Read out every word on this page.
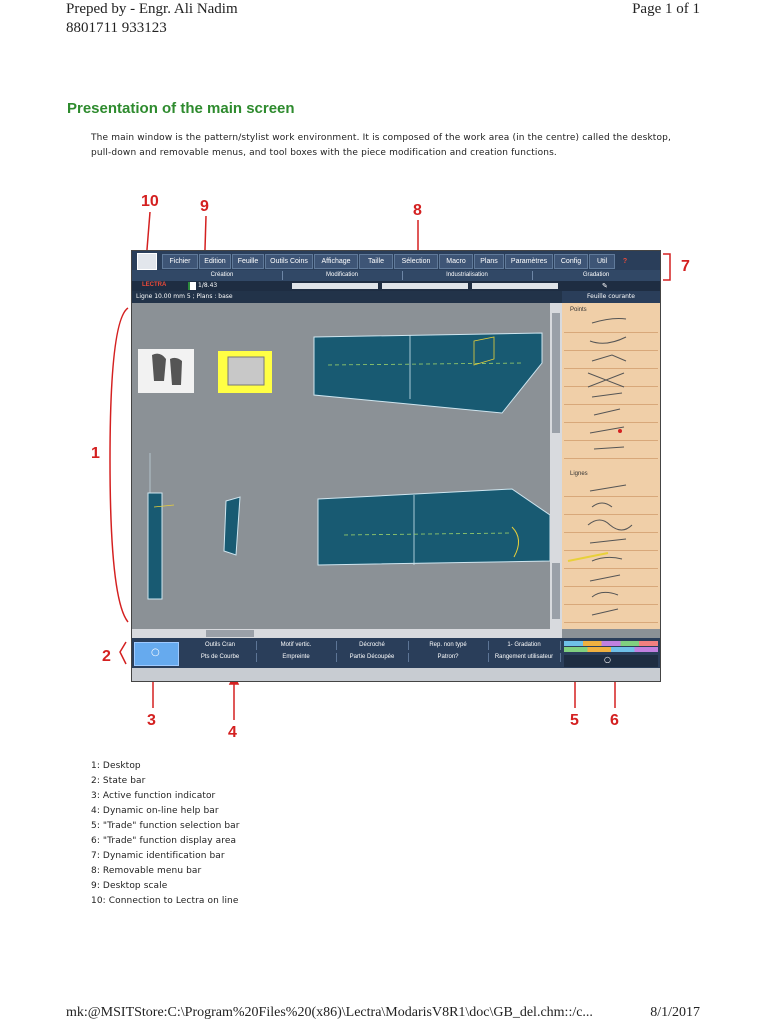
Preped by - Engr. Ali Nadim
8801711 933123
Page 1 of 1
Presentation of the main screen
The main window is the pattern/stylist work environment. It is composed of the work area (in the centre) called the desktop, pull-down and removable menus, and tool boxes with the piece modification and creation functions.
10	9	8
7
1
2
3
4
5 6
Fichier	Edition	Feuille	Outils Coins	Affichage	Taille	Sélection	Macro	Plans	Paramètres	Config	Util	?
Création	Modification	Industrialisation	Gradation
LECTRA	1/8.43	✎
Ligne 10.00 mm 5 ; Plans : base	Feuille courante
Points
Lignes
○
Outils Cran	Motif vertic.	Décroché	Rep. non typé	1- Gradation
Pts de Courbe	Empreinte	Partie Découpée	Patron?	Rangement utilisateur	○
1: Desktop
2: State bar
3: Active function indicator
4: Dynamic on-line help bar
5: "Trade" function selection bar
6: "Trade" function display area
7: Dynamic identification bar
8: Removable menu bar
9: Desktop scale
10: Connection to Lectra on line
mk:@MSITStore:C:\Program%20Files%20(x86)\Lectra\ModarisV8R1\doc\GB_del.chm::/c...	8/1/2017
